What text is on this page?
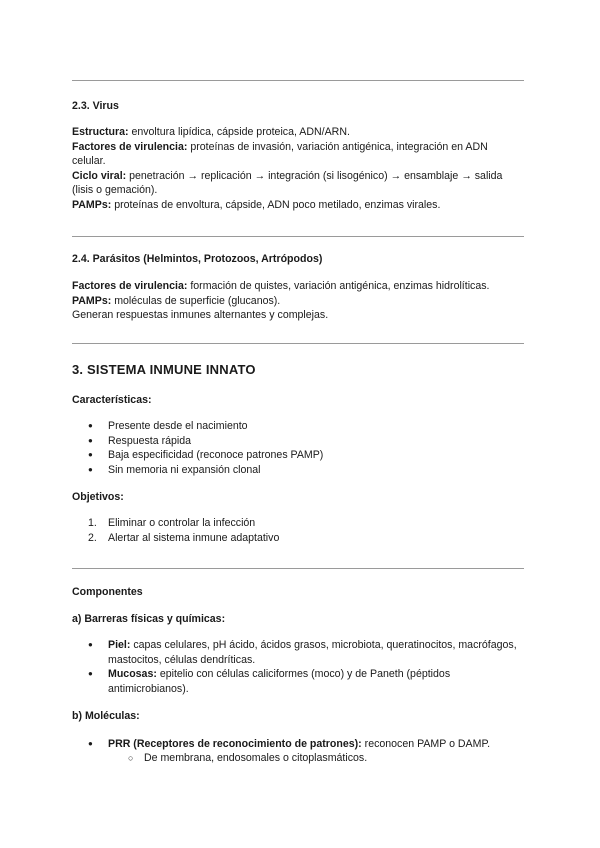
2.3. Virus
Estructura: envoltura lipídica, cápside proteica, ADN/ARN.
Factores de virulencia: proteínas de invasión, variación antigénica, integración en ADN celular.
Ciclo viral: penetración → replicación → integración (si lisogénico) → ensamblaje → salida (lisis o gemación).
PAMPs: proteínas de envoltura, cápside, ADN poco metilado, enzimas virales.
2.4. Parásitos (Helmintos, Protozoos, Artrópodos)
Factores de virulencia: formación de quistes, variación antigénica, enzimas hidrolíticas.
PAMPs: moléculas de superficie (glucanos).
Generan respuestas inmunes alternantes y complejas.
3. SISTEMA INMUNE INNATO
Características:
● Presente desde el nacimiento
● Respuesta rápida
● Baja especificidad (reconoce patrones PAMP)
● Sin memoria ni expansión clonal
Objetivos:
1. Eliminar o controlar la infección
2. Alertar al sistema inmune adaptativo
Componentes
a) Barreras físicas y químicas:
● Piel: capas celulares, pH ácido, ácidos grasos, microbiota, queratinocitos, macrófagos, mastocitos, células dendríticas.
● Mucosas: epitelio con células caliciformes (moco) y de Paneth (péptidos antimicrobianos).
b) Moléculas:
● PRR (Receptores de reconocimiento de patrones): reconocen PAMP o DAMP.
○ De membrana, endosomales o citoplasmáticos.
